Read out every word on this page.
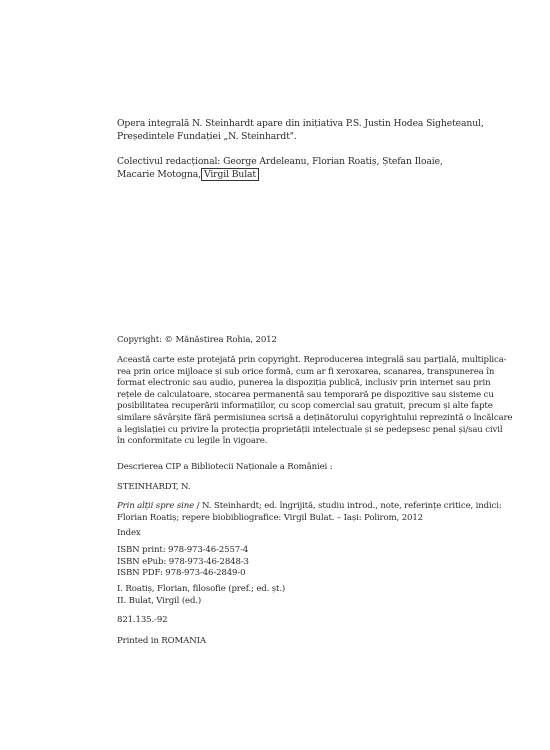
Opera integrală N. Steinhardt apare din inițiativa P.S. Justin Hodea Sigheteanul,
Președintele Fundației „N. Steinhardt".
Colectivul redacțional: George Ardeleanu, Florian Roatiș, Ștefan Iloaie,
Macarie Motogna, Virgil Bulat
Copyright: © Mănăstirea Rohia, 2012
Această carte este protejată prin copyright. Reproducerea integrală sau parțială, multiplica-
rea prin orice mijloace și sub orice formă, cum ar fi xeroxarea, scanarea, transpunerea în
format electronic sau audio, punerea la dispoziția publică, inclusiv prin internet sau prin
rețele de calculatoare, stocarea permanentă sau temporară pe dispozitive sau sisteme cu
posibilitatea recuperării informațiilor, cu scop comercial sau gratuit, precum și alte fapte
similare săvârșite fără permisiunea scrisă a deținătorului copyrightului reprezintă o încălcare
a legislației cu privire la protecția proprietății intelectuale și se pedepsesc penal și/sau civil
în conformitate cu legile în vigoare.
Descrierea CIP a Bibliotecii Naționale a României :
STEINHARDT, N.
Prin alții spre sine / N. Steinhardt; ed. îngrijită, studiu introd., note, referințe critice, indici:
Florian Roatiș; repere biobibliografice: Virgil Bulat. – Iași: Polirom, 2012
Index
ISBN print: 978-973-46-2557-4
ISBN ePub: 978-973-46-2848-3
ISBN PDF: 978-973-46-2849-0
I. Roatiș, Florian, filosofie (pref.; ed. șt.)
II. Bulat, Virgil (ed.)
821.135.-92
Printed in ROMANIA
